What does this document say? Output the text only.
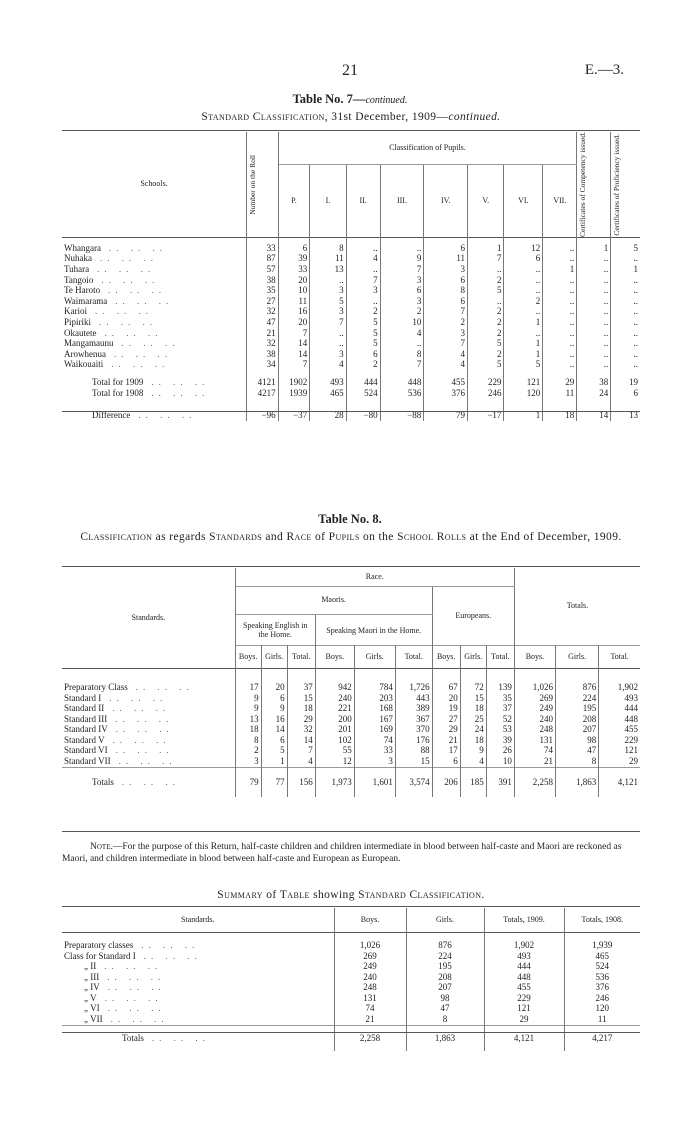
21	E.—3.
Table No. 7—continued.
Standard Classification, 31st December, 1909—continued.
Schools.	Number on the Roll	Classification of Pupils.								Certificates of Competency issued.	Certificates of Proficiency issued.

		P.	I.	II.	III.	IV.	V.	VI.	VII.		
Whangara .. .. ..	33	6	8	..	..	6	1	12	..	1	5
Nuhaka .. .. ..	87	39	11	4	9	11	7	6	..	..	..
Tuhara .. .. ..	57	33	13	..	7	3	..	..	1	..	1
Tangoio .. .. ..	38	20	..	7	3	6	2	..	..	..	..
Te Haroto .. .. ..	35	10	3	3	6	8	5	..	..	..	..
Waimarama .. .. ..	27	11	5	..	3	6	..	2	..	..	..
Karioi .. .. ..	32	16	3	2	2	7	2	..	..	..	..
Pipiriki .. .. ..	47	20	7	5	10	2	2	1	..	..	..
Okautete .. .. ..	21	7	..	5	4	3	2	..	..	..	..
Mangamaunu .. .. ..	32	14	..	5	..	7	5	1	..	..	..
Arowhenua .. .. ..	38	14	3	6	8	4	2	1	..	..	..
Waikouaiti .. .. ..	34	7	4	2	7	4	5	5	..	..	..
Total for 1909 .. .. ..	4121	1902	493	444	448	455	229	121	29	38	19
Total for 1908 .. .. ..	4217	1939	465	524	536	376	246	120	11	24	6
Difference .. .. ..	−96	−37	28	−80	−88	79	−17	1	18	14	13
Table No. 8.
Classification as regards Standards and Race of Pupils on the School Rolls at the End of December, 1909.
Standards.	Race.									Totals.		
	Maoris.						Europeans.					
	Speaking English in the Home.			Speaking Maori in the Home.								
	Boys.	Girls.	Total.	Boys.	Girls.	Total.	Boys.	Girls.	Total.	Boys.	Girls.	Total.
Preparatory Class .. .. ..	17	20	37	942	784	1,726	67	72	139	1,026	876	1,902
Standard I .. .. ..	9	6	15	240	203	443	20	15	35	269	224	493
Standard II .. .. ..	9	9	18	221	168	389	19	18	37	249	195	444
Standard III .. .. ..	13	16	29	200	167	367	27	25	52	240	208	448
Standard IV .. .. ..	18	14	32	201	169	370	29	24	53	248	207	455
Standard V .. .. ..	8	6	14	102	74	176	21	18	39	131	98	229
Standard VI .. .. ..	2	5	7	55	33	88	17	9	26	74	47	121
Standard VII .. .. ..	3	1	4	12	3	15	6	4	10	21	8	29
Totals .. .. ..	79	77	156	1,973	1,601	3,574	206	185	391	2,258	1,863	4,121
Note.—For the purpose of this Return, half-caste children and children intermediate in blood between half-caste and Maori are reckoned as Maori, and children intermediate in blood between half-caste and European as European.
Summary of Table showing Standard Classification.
Standards.	Boys.	Girls.	Totals, 1909.	Totals, 1908.
Preparatory classes .. .. ..	1,026	876	1,902	1,939
Class for Standard I .. .. ..	269	224	493	465
„ II .. .. ..	249	195	444	524
„ III .. .. ..	240	208	448	536
„ IV .. .. ..	248	207	455	376
„ V .. .. ..	131	98	229	246
„ VI .. .. ..	74	47	121	120
„ VII .. .. ..	21	8	29	11
Totals .. .. ..	2,258	1,863	4,121	4,217
